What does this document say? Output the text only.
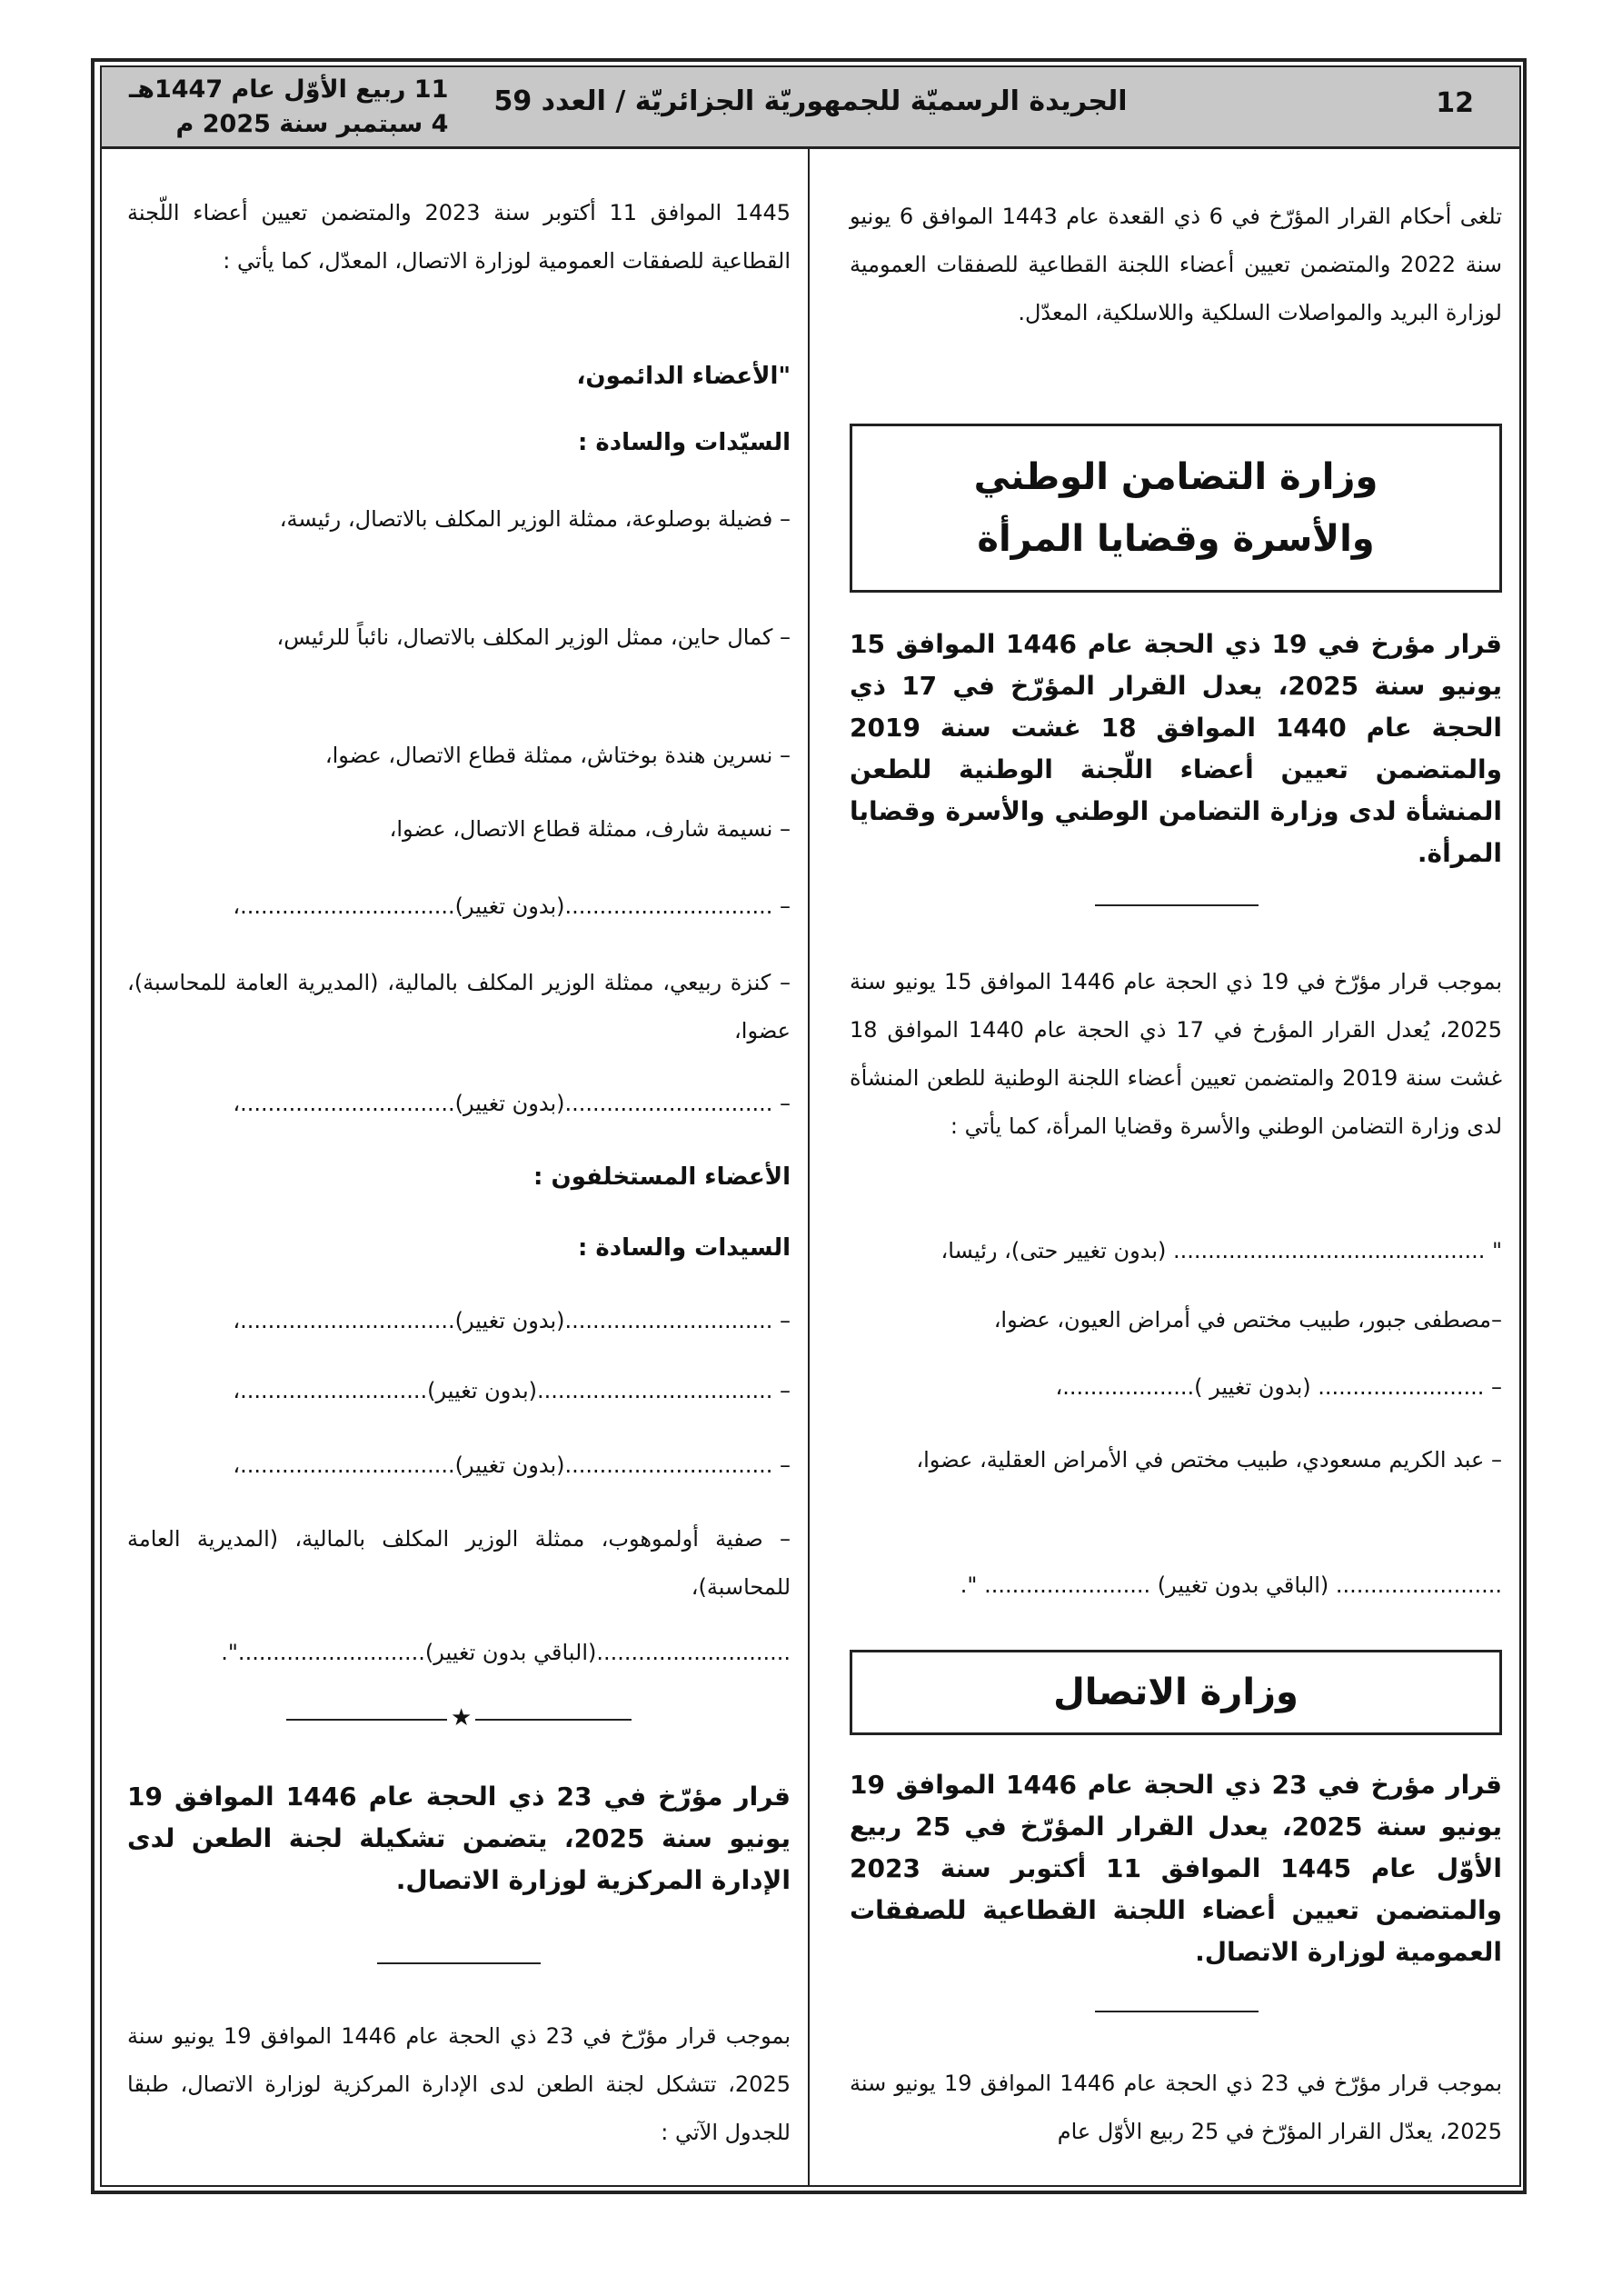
12
الجريدة الرسميّة للجمهوريّة الجزائريّة / العدد 59
11 ربيع الأوّل عام 1447هـ
4 سبتمبر سنة 2025 م
تلغى أحكام القرار المؤرّخ في 6 ذي القعدة عام 1443 الموافق 6 يونيو سنة 2022 والمتضمن تعيين أعضاء اللجنة القطاعية للصفقات العمومية لوزارة البريد والمواصلات السلكية واللاسلكية، المعدّل.
وزارة التضامن الوطني والأسرة وقضايا المرأة
قرار مؤرخ في 19 ذي الحجة عام 1446 الموافق 15 يونيو سنة 2025، يعدل القرار المؤرّخ في 17 ذي الحجة عام 1440 الموافق 18 غشت سنة 2019 والمتضمن تعيين أعضاء اللّجنة الوطنية للطعن المنشأة لدى وزارة التضامن الوطني والأسرة وقضايا المرأة.
بموجب قرار مؤرّخ في 19 ذي الحجة عام 1446 الموافق 15 يونيو سنة 2025، يُعدل القرار المؤرخ في 17 ذي الحجة عام 1440 الموافق 18 غشت سنة 2019 والمتضمن تعيين أعضاء اللجنة الوطنية للطعن المنشأة لدى وزارة التضامن الوطني والأسرة وقضايا المرأة، كما يأتي :
" ............................................. (بدون تغيير حتى)، رئيسا،
–مصطفى جبور، طبيب مختص في أمراض العيون، عضوا،
– ........................ (بدون تغيير )...................،
– عبد الكريم مسعودي، طبيب مختص في الأمراض العقلية، عضوا،
........................ (الباقي بدون تغيير) ........................ ".
وزارة الاتصال
قرار مؤرخ في 23 ذي الحجة عام 1446 الموافق 19 يونيو سنة 2025، يعدل القرار المؤرّخ في 25 ربيع الأوّل عام 1445 الموافق 11 أكتوبر سنة 2023 والمتضمن تعيين أعضاء اللجنة القطاعية للصفقات العمومية لوزارة الاتصال.
بموجب قرار مؤرّخ في 23 ذي الحجة عام 1446 الموافق 19 يونيو سنة 2025، يعدّل القرار المؤرّخ في 25 ربيع الأوّل عام
1445 الموافق 11 أكتوبر سنة 2023 والمتضمن تعيين أعضاء اللّجنة القطاعية للصفقات العمومية لوزارة الاتصال، المعدّل، كما يأتي :
"الأعضاء الدائمون،
السيّدات والسادة :
– فضيلة بوصلوعة، ممثلة الوزير المكلف بالاتصال، رئيسة،
– كمال حاين، ممثل الوزير المكلف بالاتصال، نائباً للرئيس،
– نسرين هندة بوختاش، ممثلة قطاع الاتصال، عضوا،
– نسيمة شارف، ممثلة قطاع الاتصال، عضوا،
– ..............................(بدون تغيير)...............................،
– كنزة ربيعي، ممثلة الوزير المكلف بالمالية، (المديرية العامة للمحاسبة)، عضوا،
– ..............................(بدون تغيير)...............................،
الأعضاء المستخلفون :
السيدات والسادة :
– ..............................(بدون تغيير)...............................،
– ..................................(بدون تغيير)...........................،
– ..............................(بدون تغيير)...............................،
– صفية أولموهوب، ممثلة الوزير المكلف بالمالية، (المديرية العامة للمحاسبة)،
............................(الباقي بدون تغيير)...........................".
★
قرار مؤرّخ في 23 ذي الحجة عام 1446 الموافق 19 يونيو سنة 2025، يتضمن تشكيلة لجنة الطعن لدى الإدارة المركزية لوزارة الاتصال.
بموجب قرار مؤرّخ في 23 ذي الحجة عام 1446 الموافق 19 يونيو سنة 2025، تتشكل لجنة الطعن لدى الإدارة المركزية لوزارة الاتصال، طبقا للجدول الآتي :
